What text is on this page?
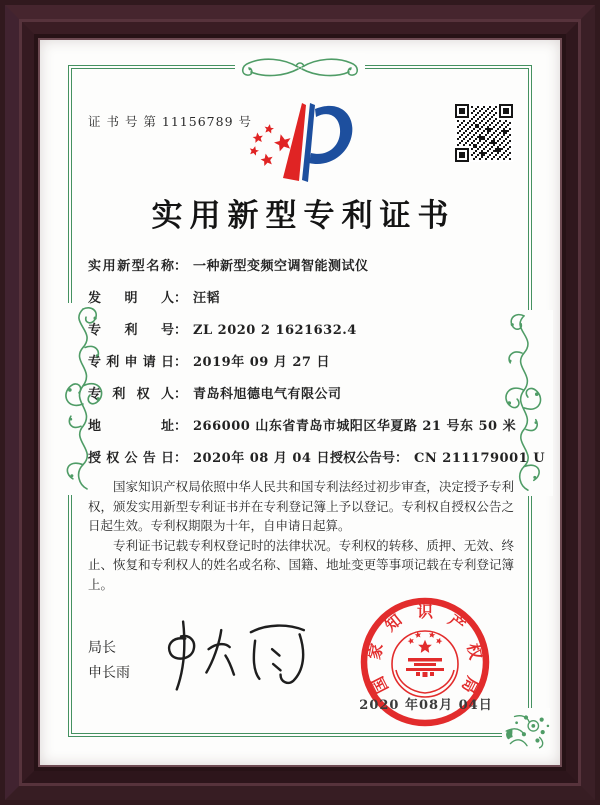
证 书 号 第 11156789 号
实用新型专利证书
实用新型名称： 一种新型变频空调智能测试仪
发明人： 汪韬
专利号： ZL 2020 2 1621632.4
专利申请日： 2019年 09 月 27 日
专利权人： 青岛科旭德电气有限公司
地址： 266000 山东省青岛市城阳区华夏路 21 号东 50 米
授权公告日： 2020年 08 月 04 日 授权公告号： CN 211179001 U

国家知识产权局依照中华人民共和国专利法经过初步审查，决定授予专利权，颁发实用新型专利证书并在专利登记簿上予以登记。专利权自授权公告之日起生效。专利权期限为十年，自申请日起算。

专利证书记载专利权登记时的法律状况。专利权的转移、质押、无效、终止、恢复和专利权人的姓名或名称、国籍、地址变更等事项记载在专利登记簿上。

局长
申长雨
2020 年08月 04日
国
家
知 识 产
权
局
